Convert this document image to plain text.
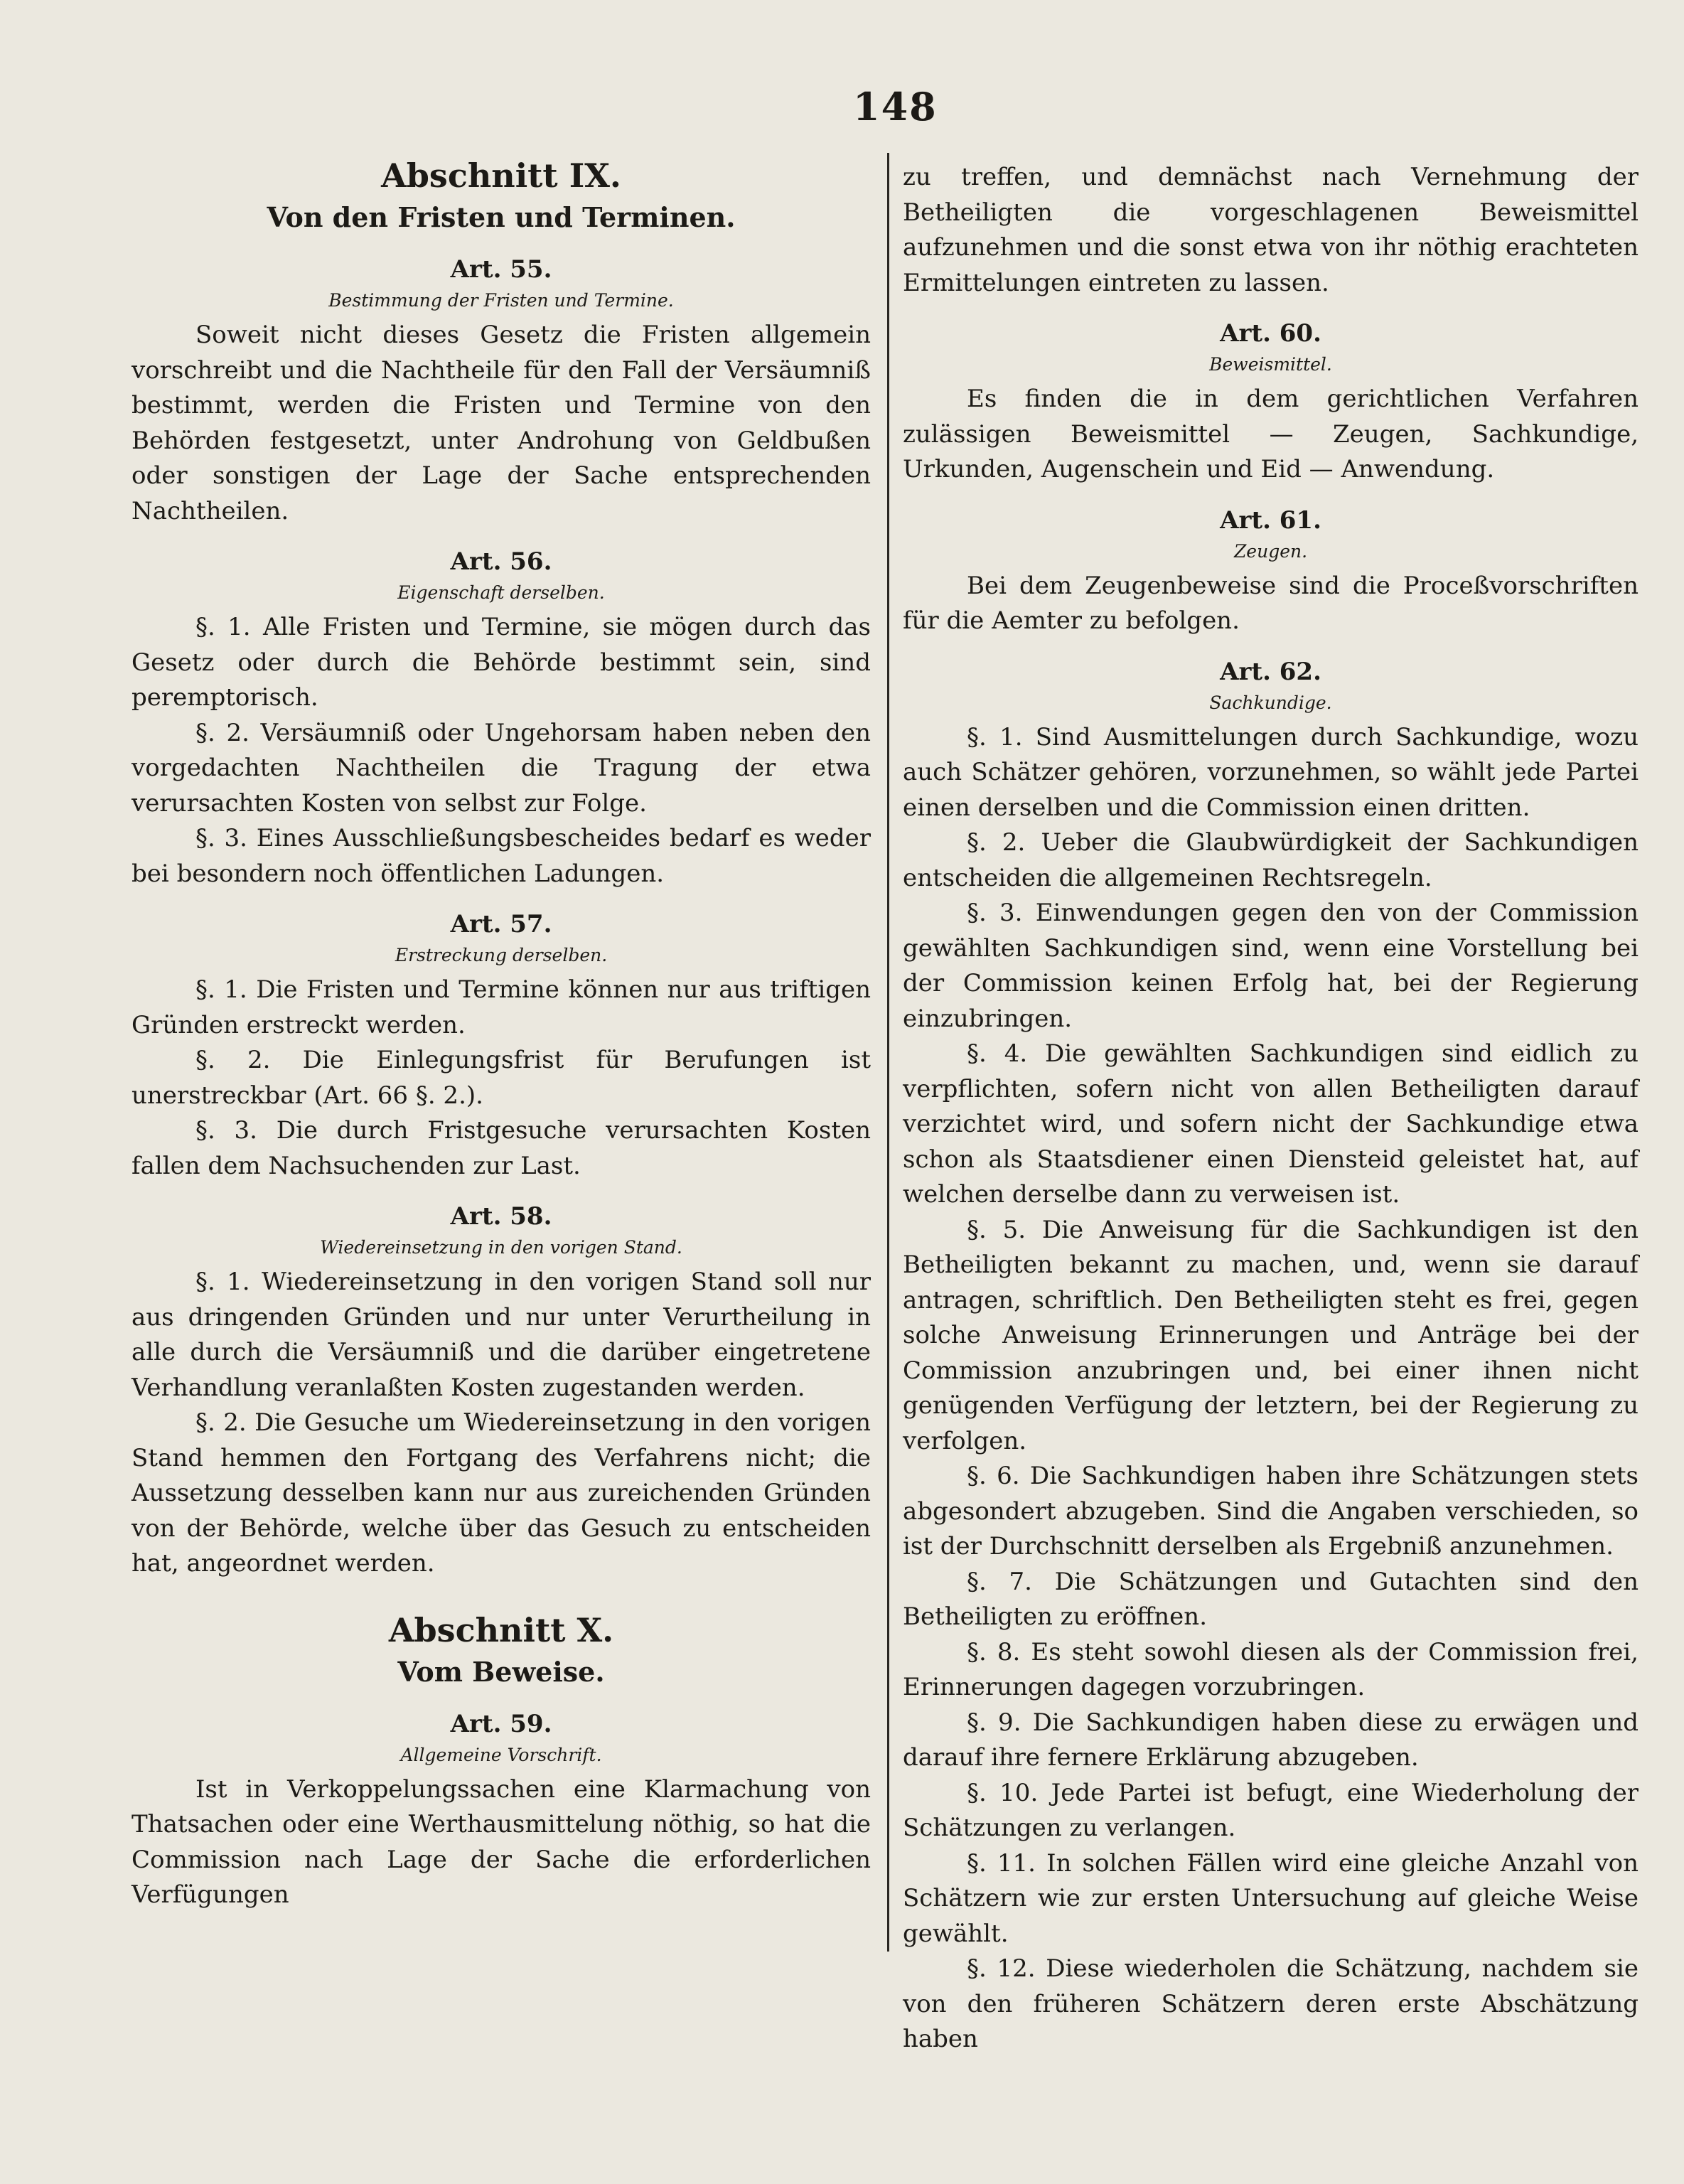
148
Abschnitt IX.
Von den Fristen und Terminen.
Art. 55.
Bestimmung der Fristen und Termine.

Soweit nicht dieses Gesetz die Fristen allgemein vorschreibt und die Nachtheile für den Fall der Versäumniß bestimmt, werden die Fristen und Termine von den Behörden festgesetzt, unter Androhung von Geldbußen oder sonstigen der Lage der Sache entsprechenden Nachtheilen.

Art. 56.
Eigenschaft derselben.

§. 1. Alle Fristen und Termine, sie mögen durch das Gesetz oder durch die Behörde bestimmt sein, sind peremptorisch.

§. 2. Versäumniß oder Ungehorsam haben neben den vorgedachten Nachtheilen die Tragung der etwa verursachten Kosten von selbst zur Folge.

§. 3. Eines Ausschließungsbescheides bedarf es weder bei besondern noch öffentlichen Ladungen.

Art. 57.
Erstreckung derselben.

§. 1. Die Fristen und Termine können nur aus triftigen Gründen erstreckt werden.

§. 2. Die Einlegungsfrist für Berufungen ist unerstreckbar (Art. 66 §. 2.).

§. 3. Die durch Fristgesuche verursachten Kosten fallen dem Nachsuchenden zur Last.

Art. 58.
Wiedereinsetzung in den vorigen Stand.

§. 1. Wiedereinsetzung in den vorigen Stand soll nur aus dringenden Gründen und nur unter Verurtheilung in alle durch die Versäumniß und die darüber eingetretene Verhandlung veranlaßten Kosten zugestanden werden.

§. 2. Die Gesuche um Wiedereinsetzung in den vorigen Stand hemmen den Fortgang des Verfahrens nicht; die Aussetzung desselben kann nur aus zureichenden Gründen von der Behörde, welche über das Gesuch zu entscheiden hat, angeordnet werden.

Abschnitt X.
Vom Beweise.
Art. 59.
Allgemeine Vorschrift.

Ist in Verkoppelungssachen eine Klarmachung von Thatsachen oder eine Werthausmittelung nöthig, so hat die Commission nach Lage der Sache die erforderlichen Verfügungen

zu treffen, und demnächst nach Vernehmung der Betheiligten die vorgeschlagenen Beweismittel aufzunehmen und die sonst etwa von ihr nöthig erachteten Ermittelungen eintreten zu lassen.

Art. 60.
Beweismittel.

Es finden die in dem gerichtlichen Verfahren zulässigen Beweismittel — Zeugen, Sachkundige, Urkunden, Augenschein und Eid — Anwendung.

Art. 61.
Zeugen.

Bei dem Zeugenbeweise sind die Proceßvorschriften für die Aemter zu befolgen.

Art. 62.
Sachkundige.

§. 1. Sind Ausmittelungen durch Sachkundige, wozu auch Schätzer gehören, vorzunehmen, so wählt jede Partei einen derselben und die Commission einen dritten.

§. 2. Ueber die Glaubwürdigkeit der Sachkundigen entscheiden die allgemeinen Rechtsregeln.

§. 3. Einwendungen gegen den von der Commission gewählten Sachkundigen sind, wenn eine Vorstellung bei der Commission keinen Erfolg hat, bei der Regierung einzubringen.

§. 4. Die gewählten Sachkundigen sind eidlich zu verpflichten, sofern nicht von allen Betheiligten darauf verzichtet wird, und sofern nicht der Sachkundige etwa schon als Staatsdiener einen Diensteid geleistet hat, auf welchen derselbe dann zu verweisen ist.

§. 5. Die Anweisung für die Sachkundigen ist den Betheiligten bekannt zu machen, und, wenn sie darauf antragen, schriftlich. Den Betheiligten steht es frei, gegen solche Anweisung Erinnerungen und Anträge bei der Commission anzubringen und, bei einer ihnen nicht genügenden Verfügung der letztern, bei der Regierung zu verfolgen.

§. 6. Die Sachkundigen haben ihre Schätzungen stets abgesondert abzugeben. Sind die Angaben verschieden, so ist der Durchschnitt derselben als Ergebniß anzunehmen.

§. 7. Die Schätzungen und Gutachten sind den Betheiligten zu eröffnen.

§. 8. Es steht sowohl diesen als der Commission frei, Erinnerungen dagegen vorzubringen.

§. 9. Die Sachkundigen haben diese zu erwägen und darauf ihre fernere Erklärung abzugeben.

§. 10. Jede Partei ist befugt, eine Wiederholung der Schätzungen zu verlangen.

§. 11. In solchen Fällen wird eine gleiche Anzahl von Schätzern wie zur ersten Untersuchung auf gleiche Weise gewählt.

§. 12. Diese wiederholen die Schätzung, nachdem sie von den früheren Schätzern deren erste Abschätzung haben
